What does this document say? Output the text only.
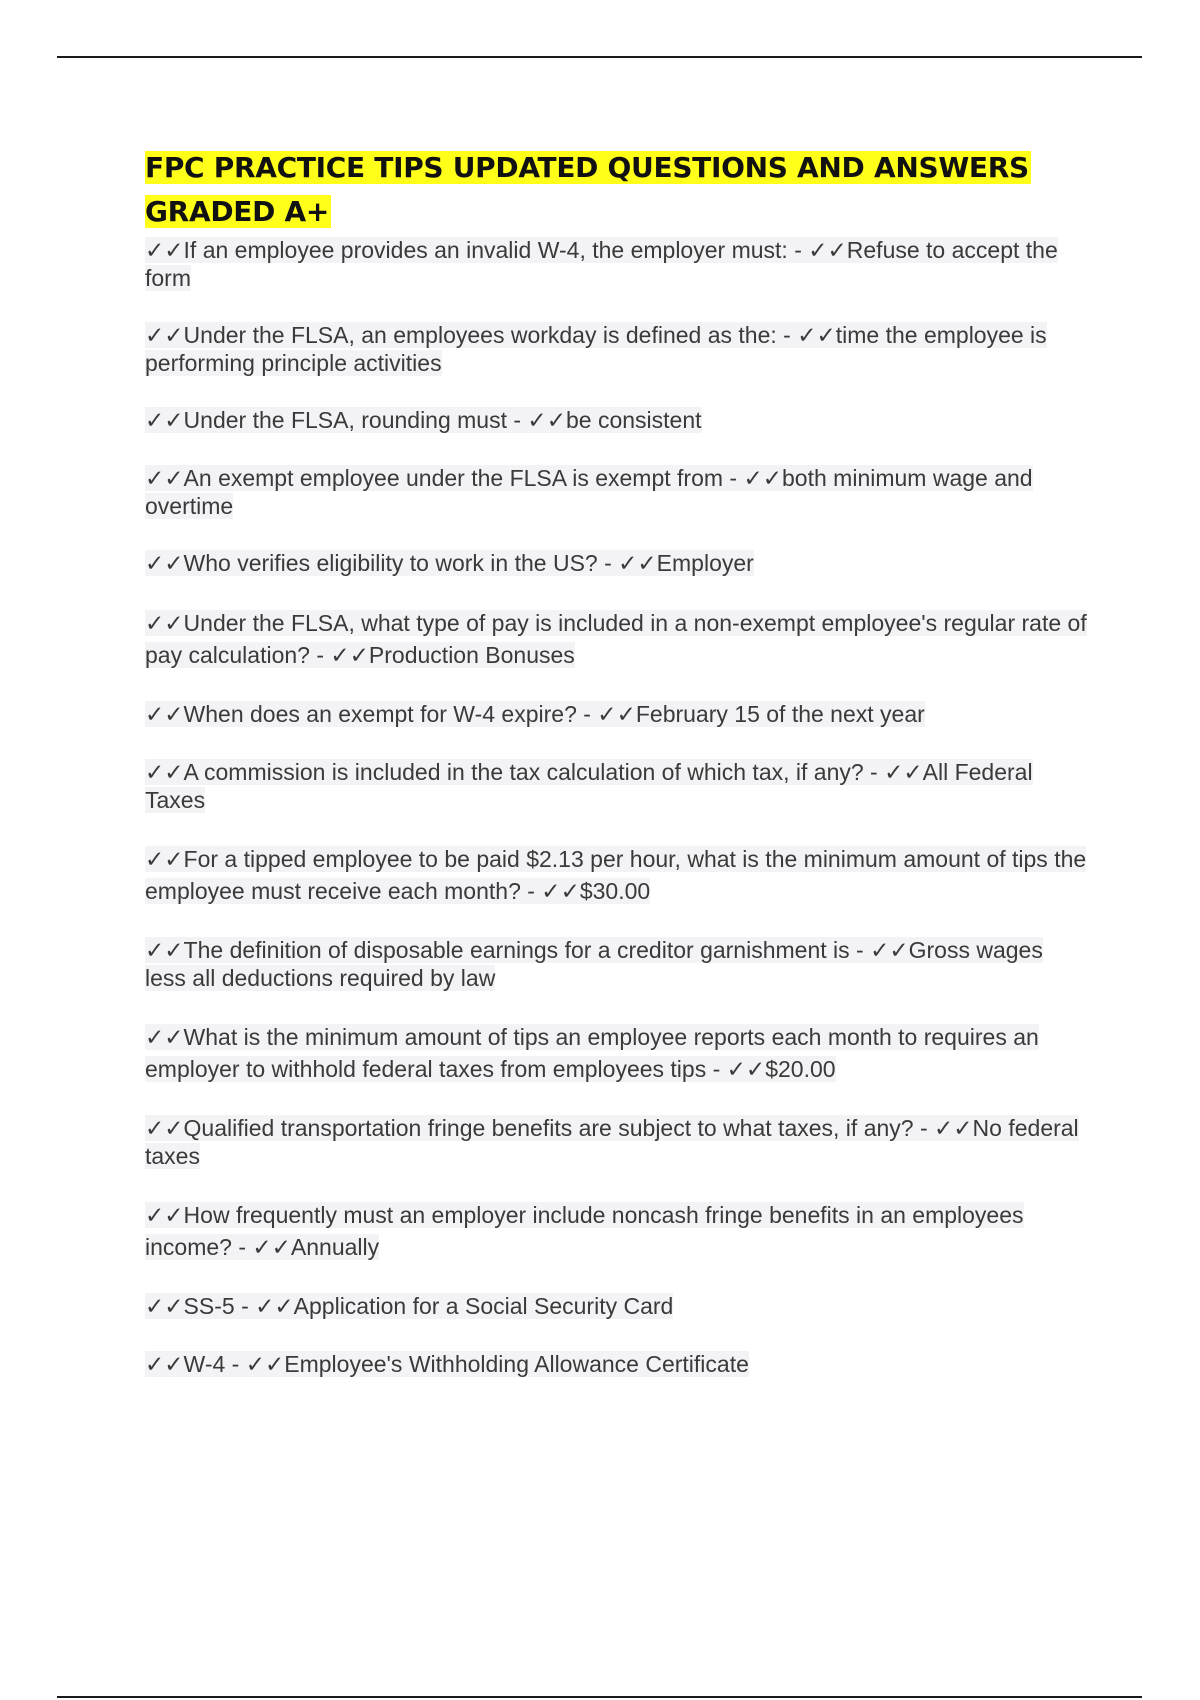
FPC PRACTICE TIPS UPDATED QUESTIONS AND ANSWERS GRADED A+
✓✓If an employee provides an invalid W-4, the employer must: - ✓✓Refuse to accept the form
✓✓Under the FLSA, an employees workday is defined as the: - ✓✓time the employee is performing principle activities
✓✓Under the FLSA, rounding must - ✓✓be consistent
✓✓An exempt employee under the FLSA is exempt from - ✓✓both minimum wage and overtime
✓✓Who verifies eligibility to work in the US? - ✓✓Employer
✓✓Under the FLSA, what type of pay is included in a non-exempt employee's regular rate of pay calculation? - ✓✓Production Bonuses
✓✓When does an exempt for W-4 expire? - ✓✓February 15 of the next year
✓✓A commission is included in the tax calculation of which tax, if any? - ✓✓All Federal Taxes
✓✓For a tipped employee to be paid $2.13 per hour, what is the minimum amount of tips the employee must receive each month? - ✓✓$30.00
✓✓The definition of disposable earnings for a creditor garnishment is - ✓✓Gross wages less all deductions required by law
✓✓What is the minimum amount of tips an employee reports each month to requires an employer to withhold federal taxes from employees tips - ✓✓$20.00
✓✓Qualified transportation fringe benefits are subject to what taxes, if any? - ✓✓No federal taxes
✓✓How frequently must an employer include noncash fringe benefits in an employees income? - ✓✓Annually
✓✓SS-5 - ✓✓Application for a Social Security Card
✓✓W-4 - ✓✓Employee's Withholding Allowance Certificate
